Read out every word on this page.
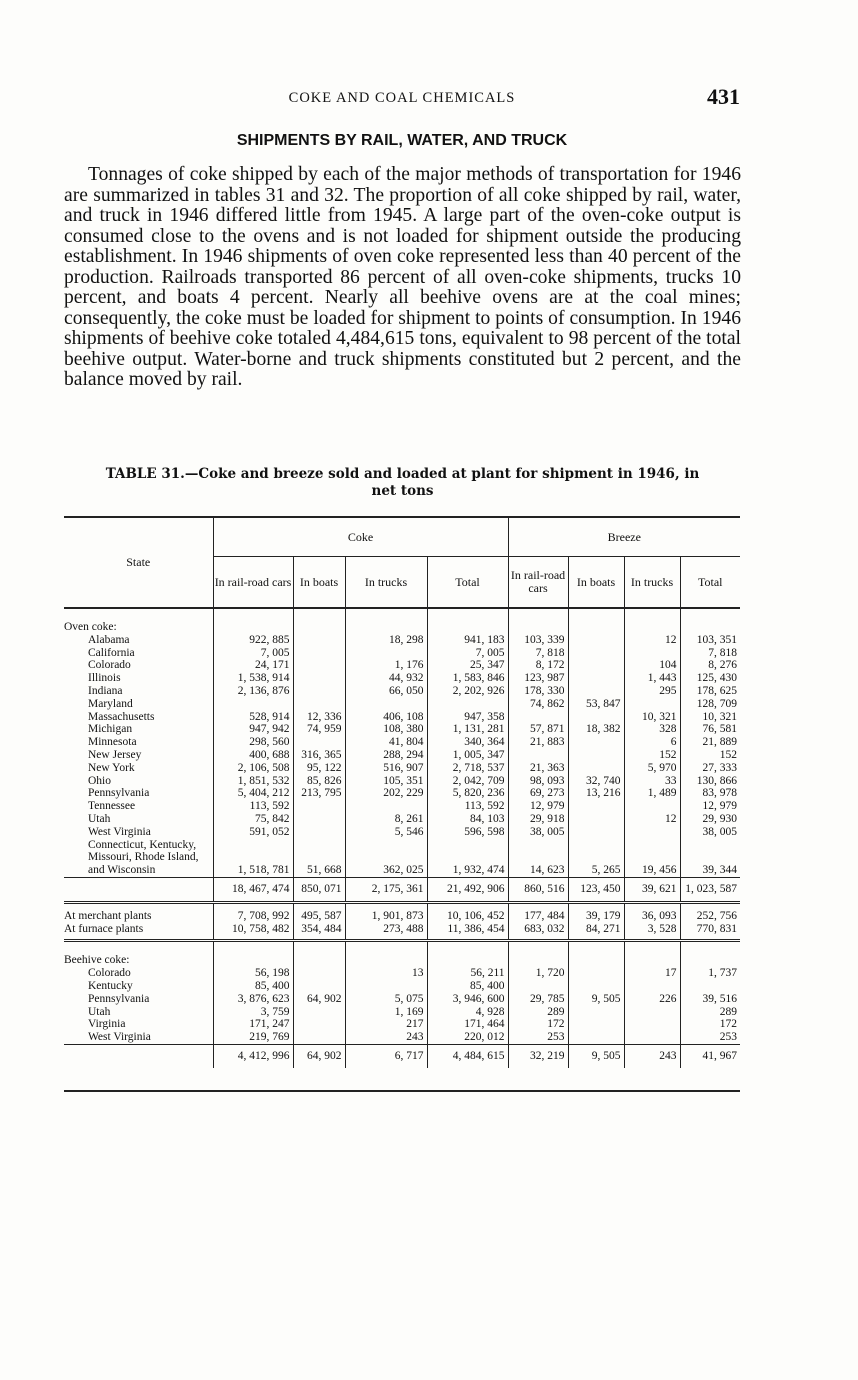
COKE AND COAL CHEMICALS	431
SHIPMENTS BY RAIL, WATER, AND TRUCK

Tonnages of coke shipped by each of the major methods of transportation for 1946 are summarized in tables 31 and 32. The proportion of all coke shipped by rail, water, and truck in 1946 differed little from 1945. A large part of the oven-coke output is consumed close to the ovens and is not loaded for shipment outside the producing establishment. In 1946 shipments of oven coke represented less than 40 percent of the production. Railroads transported 86 percent of all oven-coke shipments, trucks 10 percent, and boats 4 percent. Nearly all beehive ovens are at the coal mines; consequently, the coke must be loaded for shipment to points of consumption. In 1946 shipments of beehive coke totaled 4,484,615 tons, equivalent to 98 percent of the total beehive output. Water-borne and truck shipments constituted but 2 percent, and the balance moved by rail.

TABLE 31.—Coke and breeze sold and loaded at plant for shipment in 1946, in
net tons
State	Coke				Breeze			
	In rail-road cars	In boats	In trucks	Total	In rail-road cars	In boats	In trucks	Total
Oven coke:								
Alabama	922, 885		18, 298	941, 183	103, 339		12	103, 351
California	7, 005			7, 005	7, 818			7, 818
Colorado	24, 171		1, 176	25, 347	8, 172		104	8, 276
Illinois	1, 538, 914		44, 932	1, 583, 846	123, 987		1, 443	125, 430
Indiana	2, 136, 876		66, 050	2, 202, 926	178, 330		295	178, 625
Maryland					74, 862	53, 847		128, 709
Massachusetts	528, 914	12, 336	406, 108	947, 358			10, 321	10, 321
Michigan	947, 942	74, 959	108, 380	1, 131, 281	57, 871	18, 382	328	76, 581
Minnesota	298, 560		41, 804	340, 364	21, 883		6	21, 889
New Jersey	400, 688	316, 365	288, 294	1, 005, 347			152	152
New York	2, 106, 508	95, 122	516, 907	2, 718, 537	21, 363		5, 970	27, 333
Ohio	1, 851, 532	85, 826	105, 351	2, 042, 709	98, 093	32, 740	33	130, 866
Pennsylvania	5, 404, 212	213, 795	202, 229	5, 820, 236	69, 273	13, 216	1, 489	83, 978
Tennessee	113, 592			113, 592	12, 979			12, 979
Utah	75, 842		8, 261	84, 103	29, 918		12	29, 930
West Virginia	591, 052		5, 546	596, 598	38, 005			38, 005
Connecticut, Kentucky, Missouri, Rhode Island, and Wisconsin	1, 518, 781	51, 668	362, 025	1, 932, 474	14, 623	5, 265	19, 456	39, 344
	18, 467, 474	850, 071	2, 175, 361	21, 492, 906	860, 516	123, 450	39, 621	1, 023, 587
At merchant plants	7, 708, 992	495, 587	1, 901, 873	10, 106, 452	177, 484	39, 179	36, 093	252, 756
At furnace plants	10, 758, 482	354, 484	273, 488	11, 386, 454	683, 032	84, 271	3, 528	770, 831
Beehive coke:								
Colorado	56, 198		13	56, 211	1, 720		17	1, 737
Kentucky	85, 400			85, 400				
Pennsylvania	3, 876, 623	64, 902	5, 075	3, 946, 600	29, 785	9, 505	226	39, 516
Utah	3, 759		1, 169	4, 928	289			289
Virginia	171, 247		217	171, 464	172			172
West Virginia	219, 769		243	220, 012	253			253
	4, 412, 996	64, 902	6, 717	4, 484, 615	32, 219	9, 505	243	41, 967
